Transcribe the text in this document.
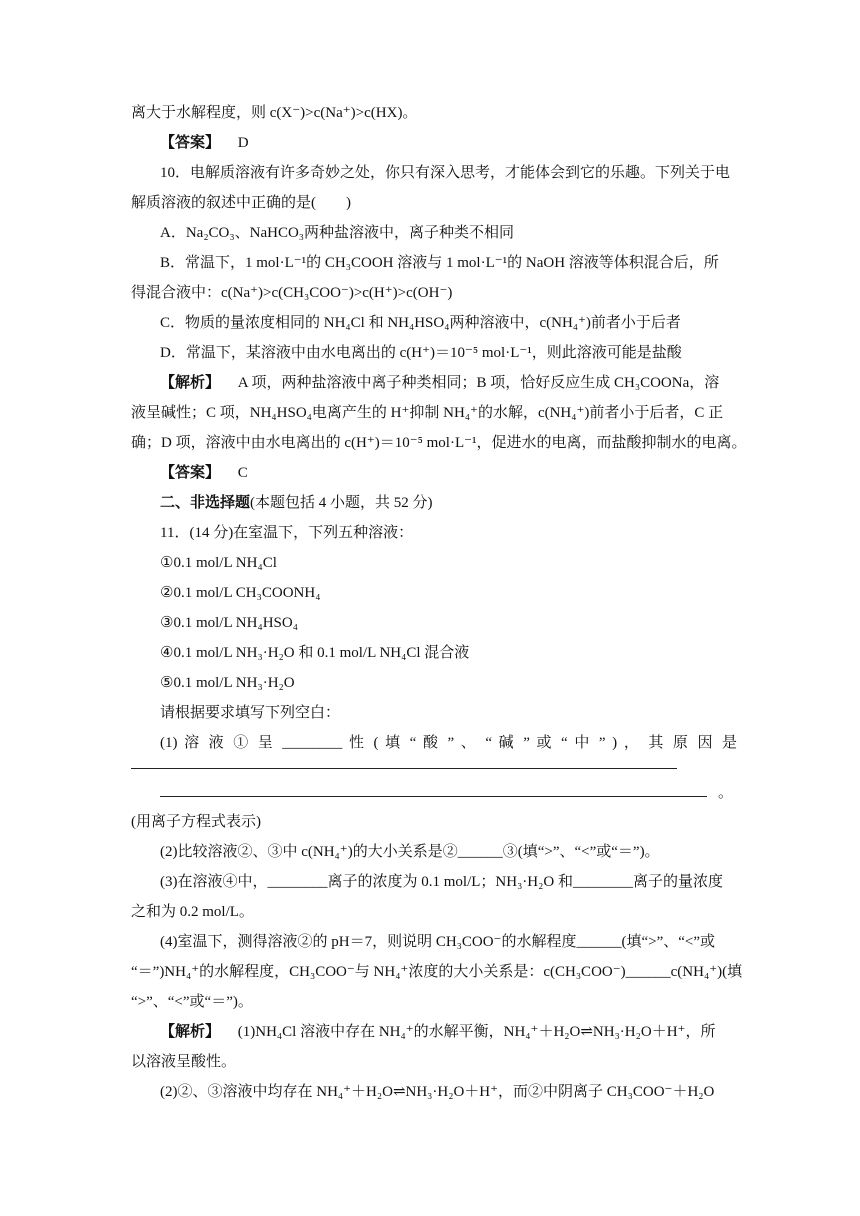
离大于水解程度，则 c(X⁻)>c(Na⁺)>c(HX)。
【答案】 D
10．电解质溶液有许多奇妙之处，你只有深入思考，才能体会到它的乐趣。下列关于电
解质溶液的叙述中正确的是(　　)
A．Na₂CO₃、NaHCO₃两种盐溶液中，离子种类不相同
B．常温下，1 mol·L⁻¹的 CH₃COOH 溶液与 1 mol·L⁻¹的 NaOH 溶液等体积混合后，所
得混合液中：c(Na⁺)>c(CH₃COO⁻)>c(H⁺)>c(OH⁻)
C．物质的量浓度相同的 NH₄Cl 和 NH₄HSO₄两种溶液中，c(NH₄⁺)前者小于后者
D．常温下，某溶液中由水电离出的 c(H⁺)＝10⁻⁵ mol·L⁻¹，则此溶液可能是盐酸
【解析】 A 项，两种盐溶液中离子种类相同；B 项，恰好反应生成 CH₃COONa，溶
液呈碱性；C 项，NH₄HSO₄电离产生的 H⁺抑制 NH₄⁺的水解，c(NH₄⁺)前者小于后者，C 正
确；D 项，溶液中由水电离出的 c(H⁺)＝10⁻⁵ mol·L⁻¹，促进水的电离，而盐酸抑制水的电离。
【答案】 C
二、非选择题(本题包括 4 小题，共 52 分)
11．(14 分)在室温下，下列五种溶液：
①0.1 mol/L NH₄Cl
②0.1 mol/L CH₃COONH₄
③0.1 mol/L NH₄HSO₄
④0.1 mol/L NH₃·H₂O 和 0.1 mol/L NH₄Cl 混合液
⑤0.1 mol/L NH₃·H₂O
请根据要求填写下列空白：
(1) 溶 液 ① 呈 ________ 性 ( 填 “ 酸 ” 、 “ 碱 ” 或 “ 中 ” ) ， 其 原 因 是
。
(用离子方程式表示)
(2)比较溶液②、③中 c(NH₄⁺)的大小关系是②______③(填“>”、“<”或“＝”)。
(3)在溶液④中，________离子的浓度为 0.1 mol/L；NH₃·H₂O 和________离子的量浓度
之和为 0.2 mol/L。
(4)室温下，测得溶液②的 pH＝7，则说明 CH₃COO⁻的水解程度______(填“>”、“<”或
“＝”)NH₄⁺的水解程度，CH₃COO⁻与 NH₄⁺浓度的大小关系是：c(CH₃COO⁻)______c(NH₄⁺)(填
“>”、“<”或“＝”)。
【解析】 (1)NH₄Cl 溶液中存在 NH₄⁺的水解平衡，NH₄⁺＋H₂O⇌NH₃·H₂O＋H⁺，所
以溶液呈酸性。
(2)②、③溶液中均存在 NH₄⁺＋H₂O⇌NH₃·H₂O＋H⁺，而②中阴离子 CH₃COO⁻＋H₂O
